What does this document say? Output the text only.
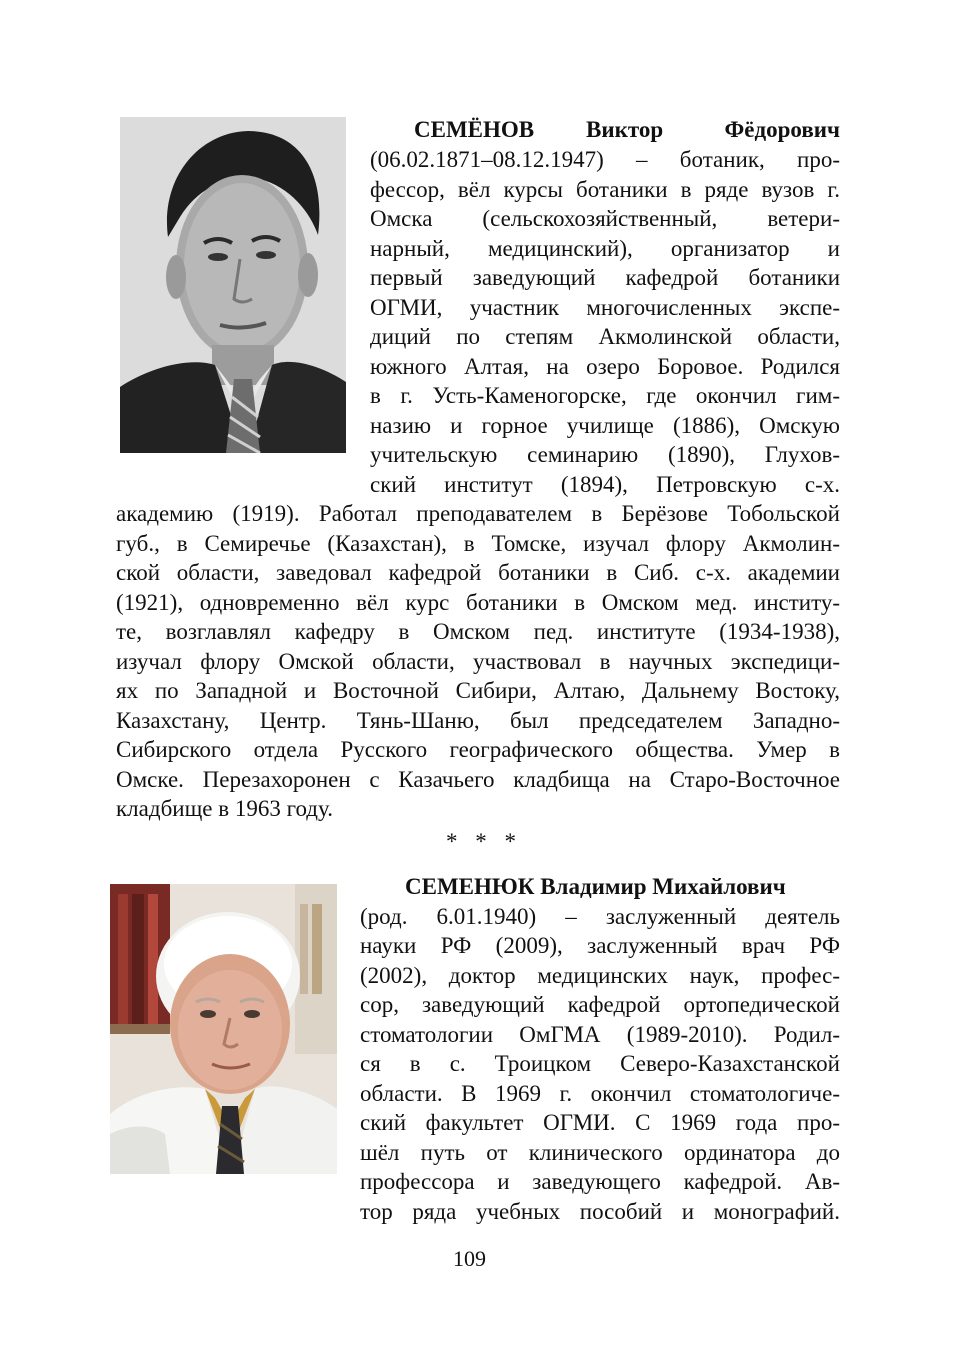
СЕМЁНОВ Виктор	Фёдорович
(06.02.1871–08.12.1947) – ботаник, про-
фессор, вёл курсы ботаники в ряде вузов г.
Омска (сельскохозяйственный, ветери-
нарный, медицинский), организатор и
первый заведующий кафедрой ботаники
ОГМИ, участник многочисленных экспе-
диций по степям Акмолинской области,
южного Алтая, на озеро Боровое. Родился
в г. Усть-Каменогорске, где окончил гим-
назию и горное училище (1886), Омскую
учительскую семинарию (1890), Глухов-
ский институт (1894), Петровскую с-х.
академию (1919). Работал преподавателем в Берёзове Тобольской
губ., в Семиречье (Казахстан), в Томске, изучал флору Акмолин-
ской области, заведовал кафедрой ботаники в Сиб. с-х. академии
(1921), одновременно вёл курс ботаники в Омском мед. институ-
те, возглавлял кафедру в Омском пед. институте (1934-1938),
изучал флору Омской области, участвовал в научных экспедици-
ях по Западной и Восточной Сибири, Алтаю, Дальнему Востоку,
Казахстану, Центр. Тянь-Шаню, был председателем Западно-
Сибирского отдела Русского географического общества. Умер в
Омске. Перезахоронен с Казачьего кладбища на Старо-Восточное
кладбище в 1963 году.
* * *
СЕМЕНЮК Владимир Михайлович
(род. 6.01.1940) – заслуженный деятель
науки РФ (2009), заслуженный врач РФ
(2002), доктор медицинских наук, профес-
сор, заведующий кафедрой ортопедической
стоматологии ОмГМА (1989-2010). Родил-
ся в с. Троицком Северо-Казахстанской
области. В 1969 г. окончил стоматологиче-
ский факультет ОГМИ. С 1969 года про-
шёл путь от клинического ординатора до
профессора и заведующего кафедрой. Ав-
тор ряда учебных пособий и монографий.
109
